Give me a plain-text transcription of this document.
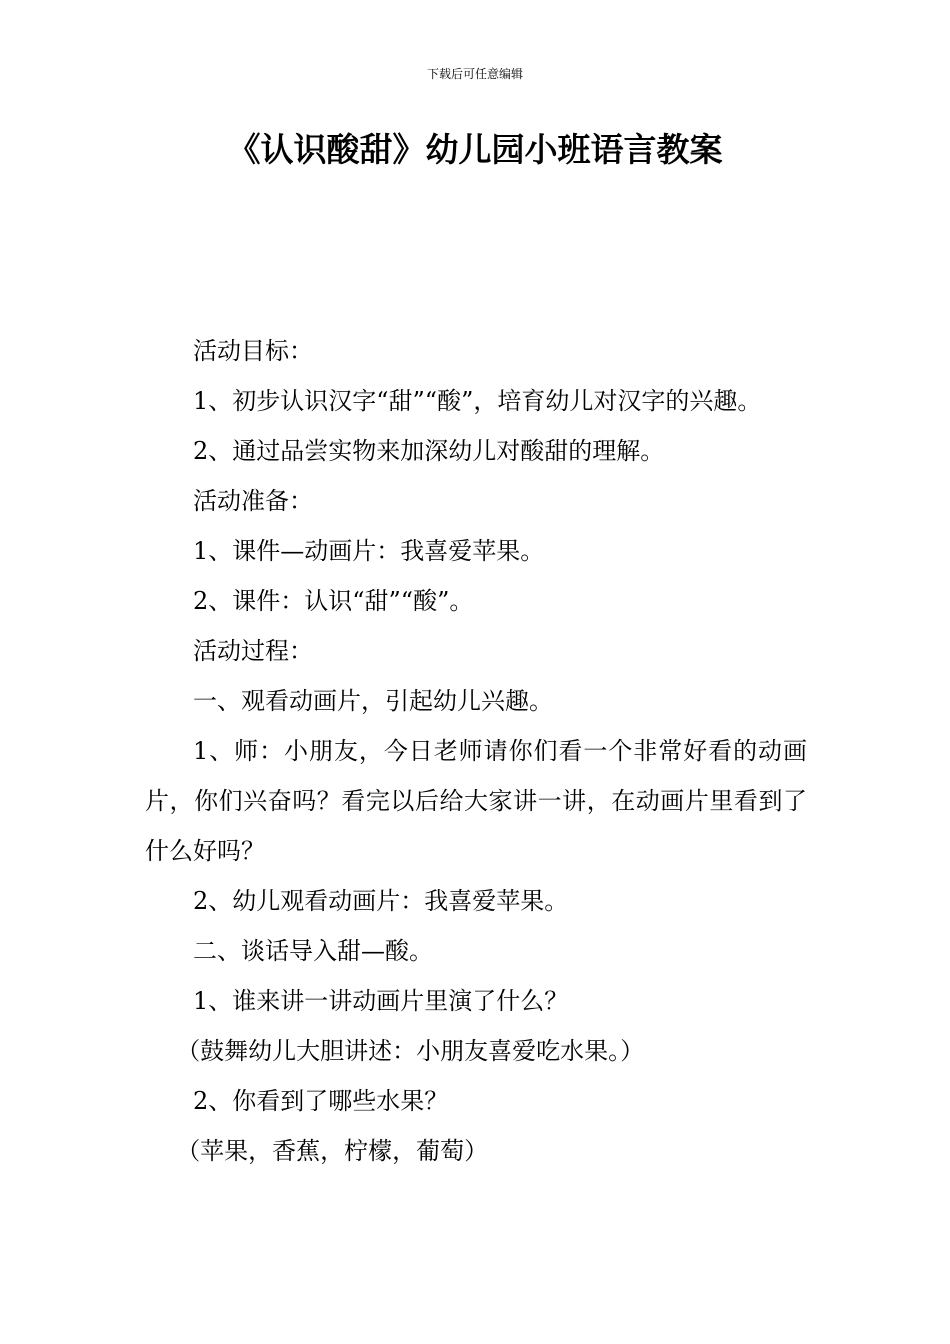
下载后可任意编辑
《认识酸甜》幼儿园小班语言教案

活动目标：

1、初步认识汉字“甜”“酸”，培育幼儿对汉字的兴趣。

2、通过品尝实物来加深幼儿对酸甜的理解。

活动准备：

1、课件—动画片：我喜爱苹果。

2、课件：认识“甜”“酸”。

活动过程：

一、观看动画片，引起幼儿兴趣。

1、师：小朋友，今日老师请你们看一个非常好看的动画片，你们兴奋吗？看完以后给大家讲一讲，在动画片里看到了什么好吗？

2、幼儿观看动画片：我喜爱苹果。

二、谈话导入甜—酸。

1、谁来讲一讲动画片里演了什么？

（鼓舞幼儿大胆讲述：小朋友喜爱吃水果。）

2、你看到了哪些水果？

（苹果，香蕉，柠檬，葡萄）
